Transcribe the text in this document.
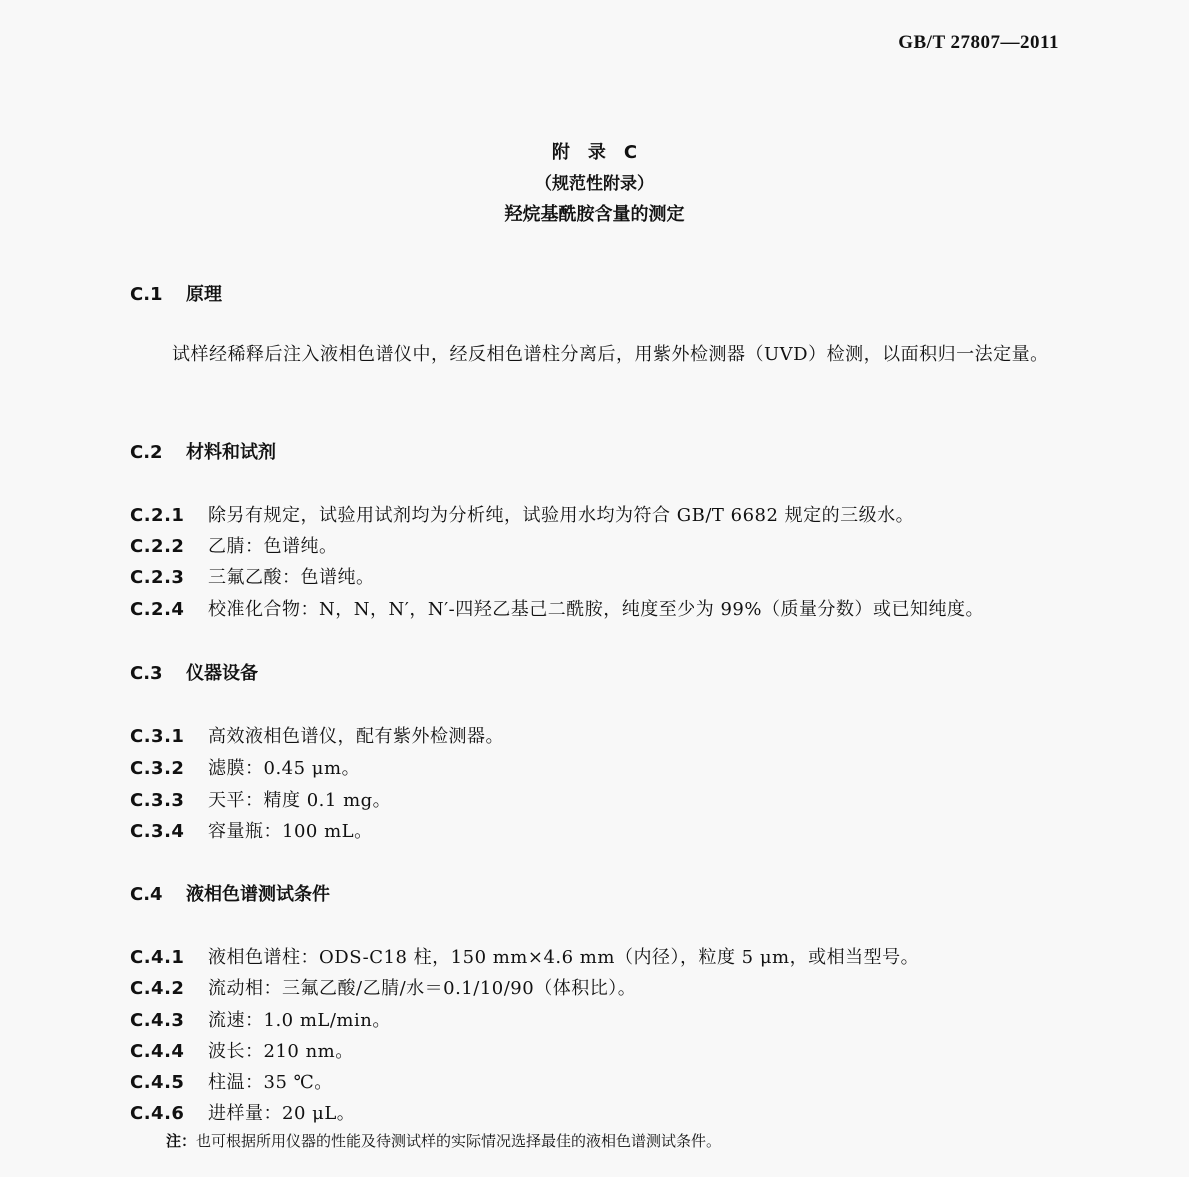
GB/T 27807—2011
附录C
（规范性附录）
羟烷基酰胺含量的测定
C.1 原理
试样经稀释后注入液相色谱仪中，经反相色谱柱分离后，用紫外检测器（UVD）检测，以面积归一法定量。
C.2 材料和试剂
C.2.1 除另有规定，试验用试剂均为分析纯，试验用水均为符合 GB/T 6682 规定的三级水。
C.2.2 乙腈：色谱纯。
C.2.3 三氟乙酸：色谱纯。
C.2.4 校准化合物：N，N，N′，N′-四羟乙基己二酰胺，纯度至少为 99%（质量分数）或已知纯度。
C.3 仪器设备
C.3.1 高效液相色谱仪，配有紫外检测器。
C.3.2 滤膜：0.45 μm。
C.3.3 天平：精度 0.1 mg。
C.3.4 容量瓶：100 mL。
C.4 液相色谱测试条件
C.4.1 液相色谱柱：ODS-C18 柱，150 mm×4.6 mm（内径），粒度 5 μm，或相当型号。
C.4.2 流动相：三氟乙酸/乙腈/水＝0.1/10/90（体积比）。
C.4.3 流速：1.0 mL/min。
C.4.4 波长：210 nm。
C.4.5 柱温：35 ℃。
C.4.6 进样量：20 μL。
注：也可根据所用仪器的性能及待测试样的实际情况选择最佳的液相色谱测试条件。
